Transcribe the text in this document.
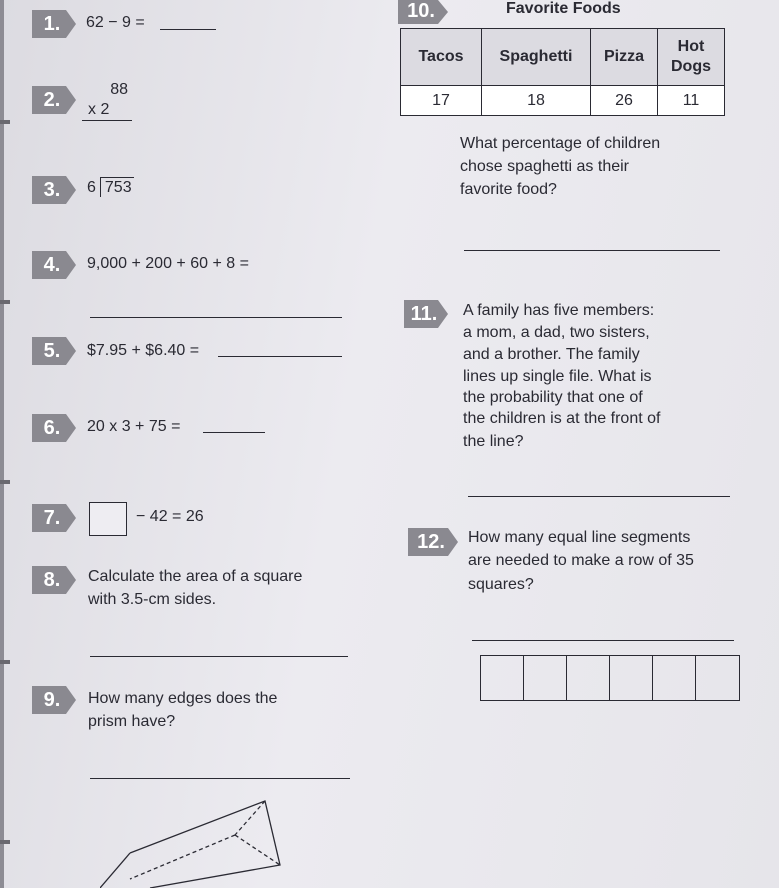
1.	62 − 9 =
2.	88
x 2
3.	6 753
4.	9,000 + 200 + 60 + 8 =
5.	$7.95 + $6.40 =
6.	20 x 3 + 75 =
7.	− 42 = 26
8.	Calculate the area of a square
with 3.5-cm sides.
9.	How many edges does the
prism have?
10.	Favorite Foods
Tacos	Spaghetti	Pizza	Hot
Dogs
17	18	26	11
What percentage of children
chose spaghetti as their
favorite food?
11.	A family has five members:
a mom, a dad, two sisters,
and a brother. The family
lines up single file. What is
the probability that one of
the children is at the front of
the line?
12.	How many equal line segments
are needed to make a row of 35
squares?
